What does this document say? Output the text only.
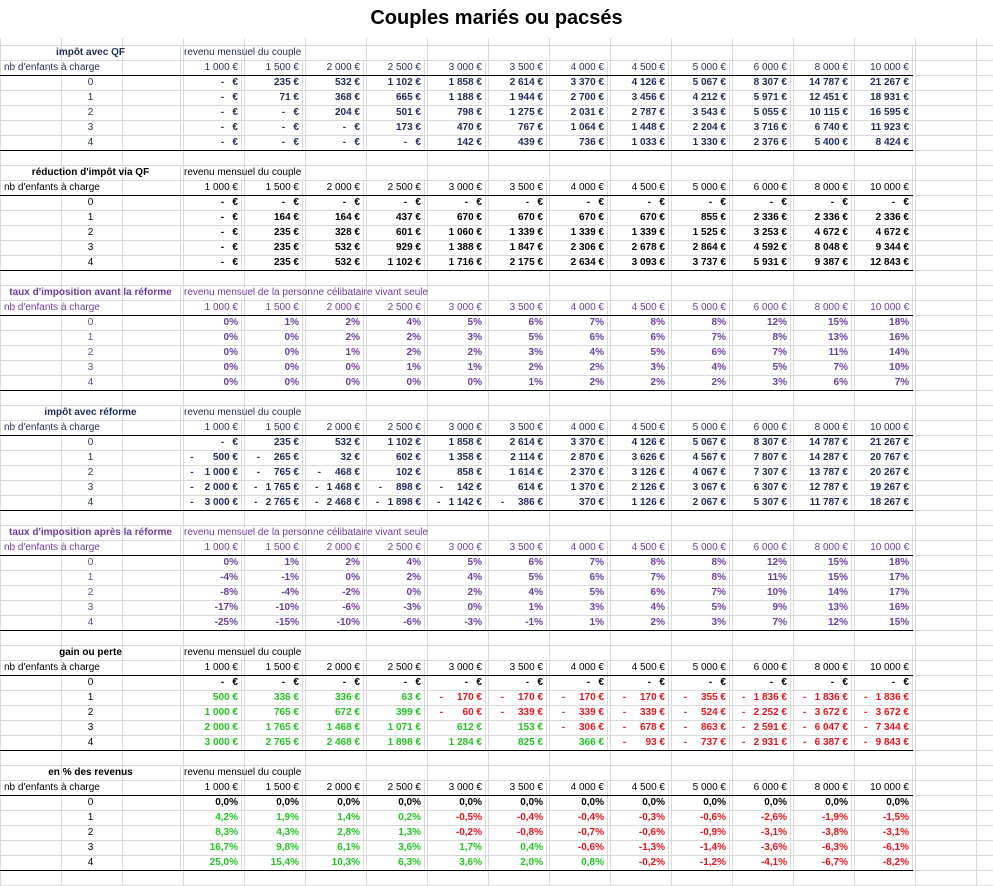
Couples mariés ou pacsés
impôt avec QF	revenu mensuel du couple											
nb d'enfants à charge	1 000 €	1 500 €	2 000 €	2 500 €	3 000 €	3 500 €	4 000 €	4 500 €	5 000 €	6 000 €	8 000 €	10 000 €
0	-   €	235 €	532 €	1 102 €	1 858 €	2 614 €	3 370 €	4 126 €	5 067 €	8 307 €	14 787 €	21 267 €
1	-   €	71 €	368 €	665 €	1 188 €	1 944 €	2 700 €	3 456 €	4 212 €	5 971 €	12 451 €	18 931 €
2	-   €	-   €	204 €	501 €	798 €	1 275 €	2 031 €	2 787 €	3 543 €	5 055 €	10 115 €	16 595 €
3	-   €	-   €	-   €	173 €	470 €	767 €	1 064 €	1 448 €	2 204 €	3 716 €	6 740 €	11 923 €
4	-   €	-   €	-   €	-   €	142 €	439 €	736 €	1 033 €	1 330 €	2 376 €	5 400 €	8 424 €
réduction d'impôt via QF	revenu mensuel du couple											
nb d'enfants à charge	1 000 €	1 500 €	2 000 €	2 500 €	3 000 €	3 500 €	4 000 €	4 500 €	5 000 €	6 000 €	8 000 €	10 000 €
0	-   €	-   €	-   €	-   €	-   €	-   €	-   €	-   €	-   €	-   €	-   €	-   €
1	-   €	164 €	164 €	437 €	670 €	670 €	670 €	670 €	855 €	2 336 €	2 336 €	2 336 €
2	-   €	235 €	328 €	601 €	1 060 €	1 339 €	1 339 €	1 339 €	1 525 €	3 253 €	4 672 €	4 672 €
3	-   €	235 €	532 €	929 €	1 388 €	1 847 €	2 306 €	2 678 €	2 864 €	4 592 €	8 048 €	9 344 €
4	-   €	235 €	532 €	1 102 €	1 716 €	2 175 €	2 634 €	3 093 €	3 737 €	5 931 €	9 387 €	12 843 €
taux d'imposition avant la réforme	revenu mensuel de la personne célibataire vivant seule											
nb d'enfants à charge	1 000 €	1 500 €	2 000 €	2 500 €	3 000 €	3 500 €	4 000 €	4 500 €	5 000 €	6 000 €	8 000 €	10 000 €
0	0%	1%	2%	4%	5%	6%	7%	8%	8%	12%	15%	18%
1	0%	0%	2%	2%	3%	5%	6%	6%	7%	8%	13%	16%
2	0%	0%	1%	2%	2%	3%	4%	5%	6%	7%	11%	14%
3	0%	0%	0%	1%	1%	2%	2%	3%	4%	5%	7%	10%
4	0%	0%	0%	0%	0%	1%	2%	2%	2%	3%	6%	7%
impôt avec réforme	revenu mensuel du couple											
nb d'enfants à charge	1 000 €	1 500 €	2 000 €	2 500 €	3 000 €	3 500 €	4 000 €	4 500 €	5 000 €	6 000 €	8 000 €	10 000 €
0	-   €	235 €	532 €	1 102 €	1 858 €	2 614 €	3 370 €	4 126 €	5 067 €	8 307 €	14 787 €	21 267 €
1	-       500 €	-     265 €	32 €	602 €	1 358 €	2 114 €	2 870 €	3 626 €	4 567 €	7 807 €	14 287 €	20 767 €
2	-    1 000 €	-     765 €	-     468 €	102 €	858 €	1 614 €	2 370 €	3 126 €	4 067 €	7 307 €	13 787 €	20 267 €
3	-    2 000 €	-   1 765 €	-   1 468 €	-     898 €	-     142 €	614 €	1 370 €	2 126 €	3 067 €	6 307 €	12 787 €	19 267 €
4	-    3 000 €	-   2 765 €	-   2 468 €	-   1 898 €	-   1 142 €	-     386 €	370 €	1 126 €	2 067 €	5 307 €	11 787 €	18 267 €
taux d'imposition après la réforme	revenu mensuel de la personne célibataire vivant seule											
nb d'enfants à charge	1 000 €	1 500 €	2 000 €	2 500 €	3 000 €	3 500 €	4 000 €	4 500 €	5 000 €	6 000 €	8 000 €	10 000 €
0	0%	1%	2%	4%	5%	6%	7%	8%	8%	12%	15%	18%
1	-4%	-1%	0%	2%	4%	5%	6%	7%	8%	11%	15%	17%
2	-8%	-4%	-2%	0%	2%	4%	5%	6%	7%	10%	14%	17%
3	-17%	-10%	-6%	-3%	0%	1%	3%	4%	5%	9%	13%	16%
4	-25%	-15%	-10%	-6%	-3%	-1%	1%	2%	3%	7%	12%	15%
gain ou perte	revenu mensuel du couple											
nb d'enfants à charge	1 000 €	1 500 €	2 000 €	2 500 €	3 000 €	3 500 €	4 000 €	4 500 €	5 000 €	6 000 €	8 000 €	10 000 €
0	-   €	-   €	-   €	-   €	-   €	-   €	-   €	-   €	-   €	-   €	-   €	-   €
1	500 €	336 €	336 €	63 €	-     170 €	-     170 €	-     170 €	-     170 €	-     355 €	-   1 836 €	-   1 836 €	-   1 836 €
2	1 000 €	765 €	672 €	399 €	-       60 €	-     339 €	-     339 €	-     339 €	-     524 €	-   2 252 €	-   3 672 €	-   3 672 €
3	2 000 €	1 765 €	1 468 €	1 071 €	612 €	153 €	-     306 €	-     678 €	-     863 €	-   2 591 €	-   6 047 €	-   7 344 €
4	3 000 €	2 765 €	2 468 €	1 898 €	1 284 €	825 €	366 €	-       93 €	-     737 €	-   2 931 €	-   6 387 €	-   9 843 €
en % des revenus	revenu mensuel du couple											
nb d'enfants à charge	1 000 €	1 500 €	2 000 €	2 500 €	3 000 €	3 500 €	4 000 €	4 500 €	5 000 €	6 000 €	8 000 €	10 000 €
0	0,0%	0,0%	0,0%	0,0%	0,0%	0,0%	0,0%	0,0%	0,0%	0,0%	0,0%	0,0%
1	4,2%	1,9%	1,4%	0,2%	-0,5%	-0,4%	-0,4%	-0,3%	-0,6%	-2,6%	-1,9%	-1,5%
2	8,3%	4,3%	2,8%	1,3%	-0,2%	-0,8%	-0,7%	-0,6%	-0,9%	-3,1%	-3,8%	-3,1%
3	16,7%	9,8%	6,1%	3,6%	1,7%	0,4%	-0,6%	-1,3%	-1,4%	-3,6%	-6,3%	-6,1%
4	25,0%	15,4%	10,3%	6,3%	3,6%	2,0%	0,8%	-0,2%	-1,2%	-4,1%	-6,7%	-8,2%
